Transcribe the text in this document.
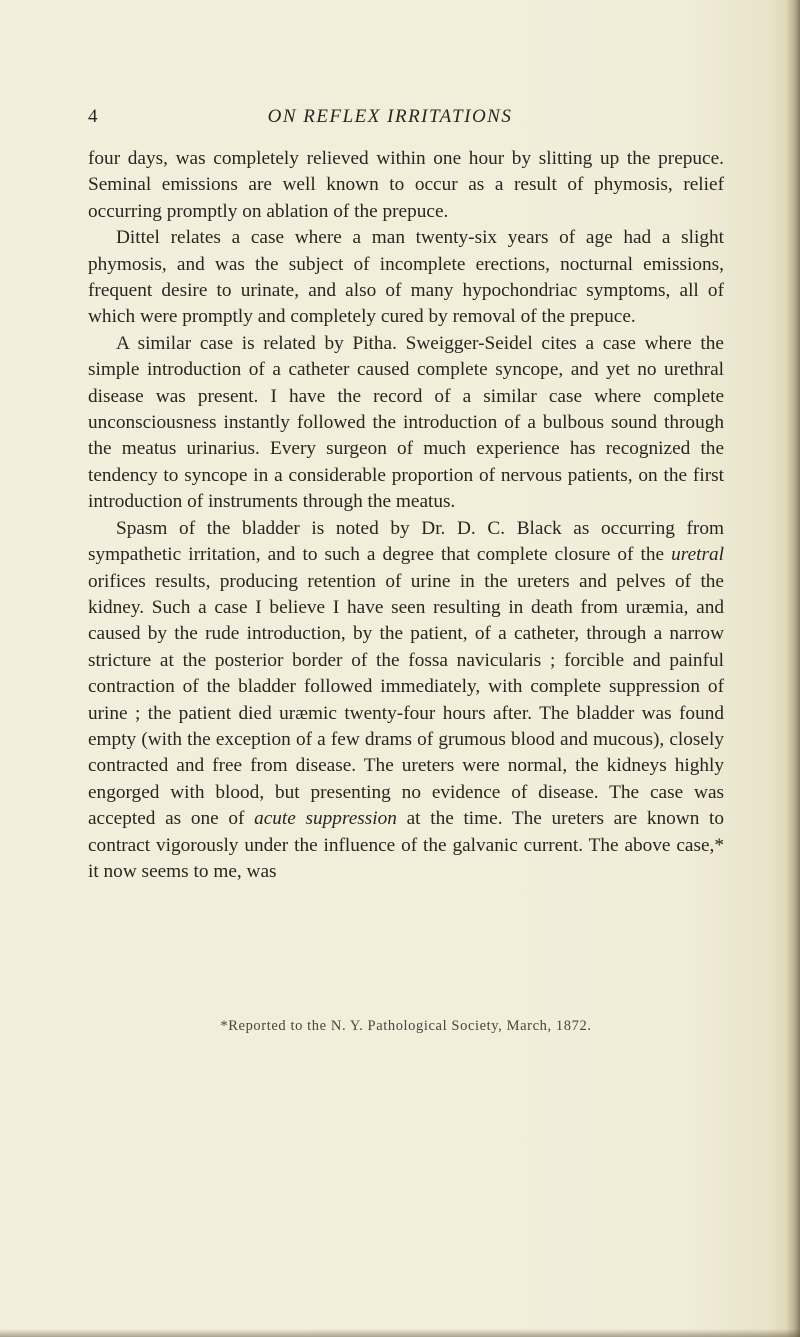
4	ON REFLEX IRRITATIONS

four days, was completely relieved within one hour by slitting up the prepuce. Seminal emissions are well known to occur as a result of phymosis, relief occurring promptly on ablation of the prepuce.

Dittel relates a case where a man twenty-six years of age had a slight phymosis, and was the subject of incomplete erections, nocturnal emissions, frequent desire to urinate, and also of many hypochondriac symptoms, all of which were promptly and completely cured by removal of the prepuce.

A similar case is related by Pitha. Sweigger-Seidel cites a case where the simple introduction of a catheter caused complete syncope, and yet no urethral disease was present. I have the record of a similar case where complete unconsciousness instantly followed the introduction of a bulbous sound through the meatus urinarius. Every surgeon of much experience has recognized the tendency to syncope in a considerable proportion of nervous patients, on the first introduction of instruments through the meatus.

Spasm of the bladder is noted by Dr. D. C. Black as occurring from sympathetic irritation, and to such a degree that complete closure of the uretral orifices results, producing retention of urine in the ureters and pelves of the kidney. Such a case I believe I have seen resulting in death from uræmia, and caused by the rude introduction, by the patient, of a catheter, through a narrow stricture at the posterior border of the fossa navicularis ; forcible and painful contraction of the bladder followed immediately, with complete suppression of urine ; the patient died uræmic twenty-four hours after. The bladder was found empty (with the exception of a few drams of grumous blood and mucous), closely contracted and free from disease. The ureters were normal, the kidneys highly engorged with blood, but presenting no evidence of disease. The case was accepted as one of acute suppression at the time. The ureters are known to contract vigorously under the influence of the galvanic current. The above case,* it now seems to me, was

*Reported to the N. Y. Pathological Society, March, 1872.
